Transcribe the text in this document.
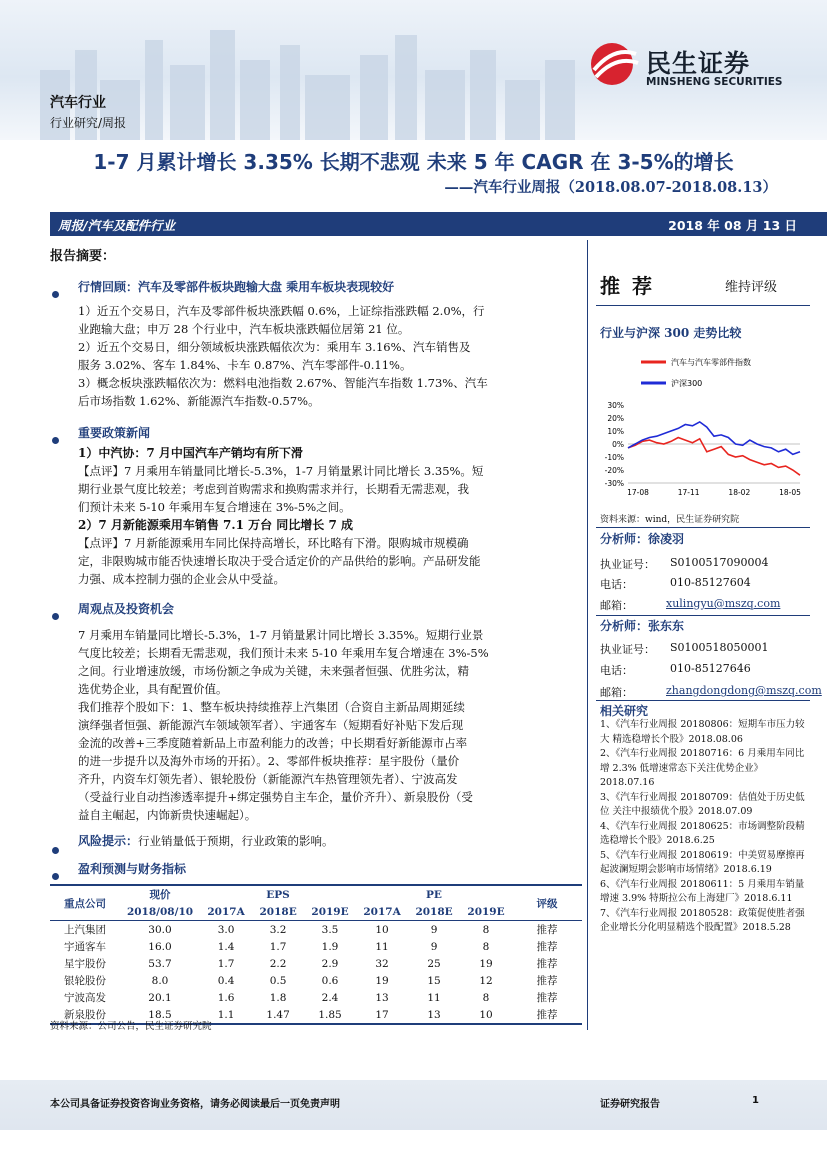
民生证券
MINSHENG SECURITIES
汽车行业
行业研究/周报
1-7 月累计增长 3.35% 长期不悲观 未来 5 年 CAGR 在 3-5%的增长
——汽车行业周报（2018.08.07-2018.08.13）
周报/汽车及配件行业	2018 年 08 月 13 日
报告摘要：
行情回顾：汽车及零部件板块跑输大盘 乘用车板块表现较好

1）近五个交易日，汽车及零部件板块涨跌幅 0.6%，上证综指涨跌幅 2.0%，行

业跑输大盘；申万 28 个行业中，汽车板块涨跌幅位居第 21 位。

2）近五个交易日，细分领域板块涨跌幅依次为：乘用车 3.16%、汽车销售及

服务 3.02%、客车 1.84%、卡车 0.87%、汽车零部件-0.11%。

3）概念板块涨跌幅依次为：燃料电池指数 2.67%、智能汽车指数 1.73%、汽车

后市场指数 1.62%、新能源汽车指数-0.57%。

重要政策新闻

1）中汽协：7 月中国汽车产销均有所下滑

【点评】7 月乘用车销量同比增长-5.3%，1-7 月销量累计同比增长 3.35%。短

期行业景气度比较差；考虑到首购需求和换购需求并行，长期看无需悲观，我

们预计未来 5-10 年乘用车复合增速在 3%-5%之间。

2）7 月新能源乘用车销售 7.1 万台 同比增长 7 成

【点评】7 月新能源乘用车同比保持高增长，环比略有下滑。限购城市规模确

定，非限购城市能否快速增长取决于受合适定价的产品供给的影响。产品研发能

力强、成本控制力强的企业会从中受益。

周观点及投资机会

7 月乘用车销量同比增长-5.3%，1-7 月销量累计同比增长 3.35%。短期行业景

气度比较差；长期看无需悲观，我们预计未来 5-10 年乘用车复合增速在 3%-5%

之间。行业增速放缓，市场份额之争成为关键，未来强者恒强、优胜劣汰，精

选优势企业，具有配置价值。

我们推荐个股如下：1、整车板块持续推荐上汽集团（合资自主新品周期延续

演绎强者恒强、新能源汽车领域领军者）、宇通客车（短期看好补贴下发后现

金流的改善+三季度随着新品上市盈利能力的改善；中长期看好新能源市占率

的进一步提升以及海外市场的开拓）。2、零部件板块推荐：星宇股份（量价

齐升，内资车灯领先者）、银轮股份（新能源汽车热管理领先者）、宁波高发

（受益行业自动挡渗透率提升+绑定强势自主车企，量价齐升）、新泉股份（受

益自主崛起，内饰新贵快速崛起）。

风险提示：行业销量低于预期，行业政策的影响。
盈利预测与财务指标
重点公司	现价	EPS			PE			评级
	2018/08/10	2017A	2018E	2019E	2017A	2018E	2019E	
上汽集团	30.0	3.0	3.2	3.5	10	9	8	推荐
宇通客车	16.0	1.4	1.7	1.9	11	9	8	推荐
星宇股份	53.7	1.7	2.2	2.9	32	25	19	推荐
银轮股份	8.0	0.4	0.5	0.6	19	15	12	推荐
宁波高发	20.1	1.6	1.8	2.4	13	11	8	推荐
新泉股份	18.5	1.1	1.47	1.85	17	13	10	推荐
资料来源：公司公告，民生证券研究院
推荐	维持评级
行业与沪深 300 走势比较
汽车与汽车零部件指数
沪深300
30%
20%
10%
0%
-10%
-20%
-30%
17-08	17-11	18-02	18-05
资料来源：wind，民生证券研究院
分析师：徐凌羽
执业证号： S0100517090004
电话：	010-85127604
邮箱：	xulingyu@mszq.com
分析师：张东东
执业证号： S0100518050001
电话：	010-85127646
邮箱：	zhangdongdong@mszq.com
相关研究
1、《汽车行业周报 20180806：短期车市压力较大 精选稳增长个股》2018.08.06
2、《汽车行业周报 20180716：6 月乘用车同比增 2.3% 低增速常态下关注优势企业》2018.07.16
3、《汽车行业周报 20180709：估值处于历史低位 关注中报绩优个股》2018.07.09
4、《汽车行业周报 20180625：市场调整阶段精选稳增长个股》2018.6.25
5、《汽车行业周报 20180619：中美贸易摩擦再起波澜短期会影响市场情绪》2018.6.19
6、《汽车行业周报 20180611：5 月乘用车销量增速 3.9% 特斯拉公布上海建厂》2018.6.11
7、《汽车行业周报 20180528：政策促使胜者强企业增长分化明显精选个股配置》2018.5.28
本公司具备证券投资咨询业务资格，请务必阅读最后一页免责声明	证券研究报告	1
